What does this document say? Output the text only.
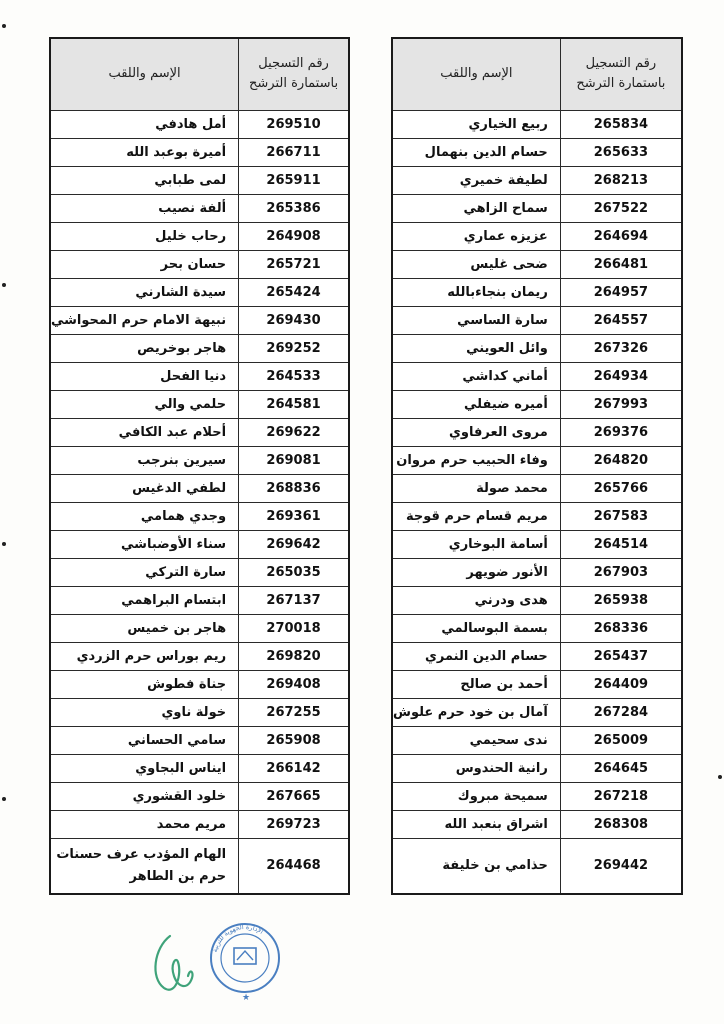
رقم التسجيل
باستمارة الترشح	الإسم واللقب
265834	ربيع الخياري
265633	حسام الدين بنهمال
268213	لطيفة خميري
267522	سماح الزاهي
264694	عزيزه عماري
266481	ضحى غليس
264957	ريمان بنجاءبالله
264557	سارة الساسي
267326	وائل العويني
264934	أماني كداشي
267993	أميره ضيفلي
269376	مروى العرفاوي
264820	وفاء الحبيب حرم مروان
265766	محمد صولة
267583	مريم قسام حرم قوجة
264514	أسامة البوخاري
267903	الأنور ضويهر
265938	هدى ودرني
268336	بسمة البوسالمي
265437	حسام الدين النمري
264409	أحمد بن صالح
267284	آمال بن خود حرم علوش
265009	ندى سحيمي
264645	رانية الحندوس
267218	سميحة مبروك
268308	اشراق بنعبد الله
269442	حذامي بن خليفة
رقم التسجيل
باستمارة الترشح	الإسم واللقب
269510	أمل هادفي
266711	أميرة بوعبد الله
265911	لمى طبابي
265386	ألفة نصيب
264908	رحاب خليل
265721	حسان بحر
265424	سيدة الشارني
269430	نبيهة الامام حرم المحواشي
269252	هاجر بوخريص
264533	دنيا الفحل
264581	حلمي والي
269622	أحلام عبد الكافي
269081	سيرين بنرجب
268836	لطفي الدغيس
269361	وجدي همامي
269642	سناء الأوضباشي
265035	سارة التركي
267137	ابتسام البراهمي
270018	هاجر بن خميس
269820	ريم بوراس حرم الزردي
269408	جناة فطوش
267255	خولة ناوي
265908	سامي الحساني
266142	ايناس البجاوي
267665	خلود القشوري
269723	مريم محمد
264468	الهام المؤدب عرف حسنات حرم بن الطاهر
الإدارة الجهوية للتربية
★
